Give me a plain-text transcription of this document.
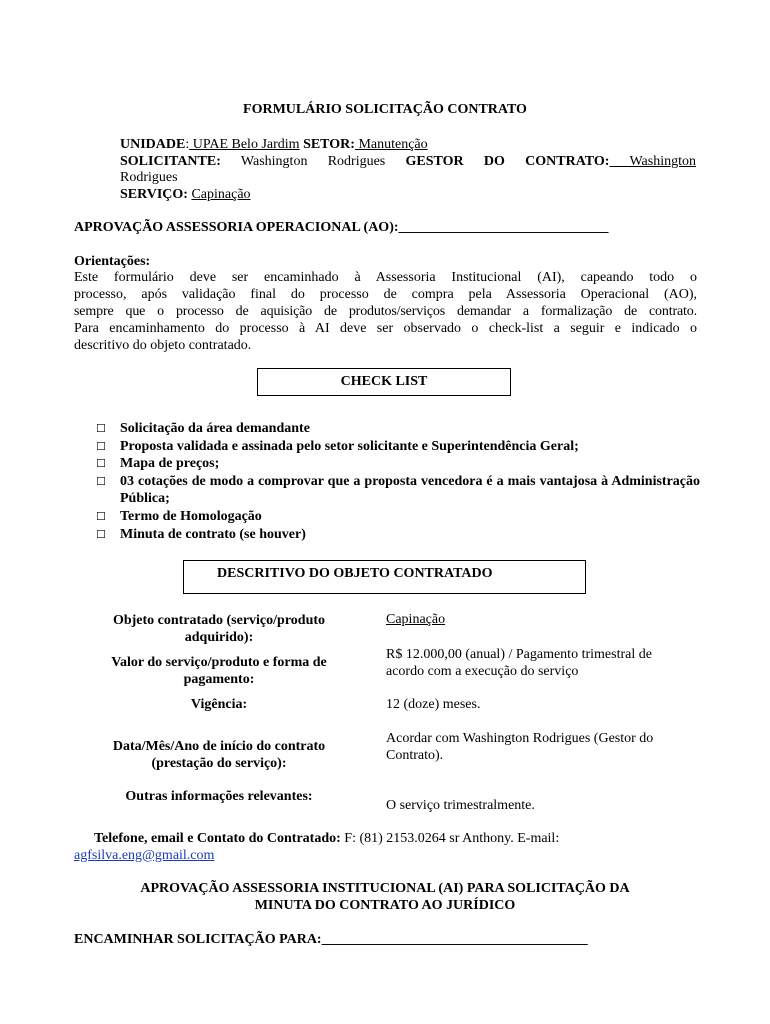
FORMULÁRIO SOLICITAÇÃO CONTRATO
UNIDADE: UPAE Belo Jardim SETOR: Manutenção
SOLICITANTE: Washington Rodrigues GESTOR DO CONTRATO: Washington
Rodrigues
SERVIÇO: Capinação
APROVAÇÃO ASSESSORIA OPERACIONAL (AO):______________________________
Orientações:
Este formulário deve ser encaminhado à Assessoria Institucional (AI), capeando todo o
processo, após validação final do processo de compra pela Assessoria Operacional (AO),
sempre que o processo de aquisição de produtos/serviços demandar a formalização de contrato.
Para encaminhamento do processo à AI deve ser observado o check-list a seguir e indicado o
descritivo do objeto contratado.
CHECK LIST
☐	Solicitação da área demandante
☐	Proposta validada e assinada pelo setor solicitante e Superintendência Geral;
☐	Mapa de preços;
☐	03 cotações de modo a comprovar que a proposta vencedora é a mais vantajosa à Administração Pública;
☐	Termo de Homologação
☐	Minuta de contrato (se houver)
DESCRITIVO DO OBJETO CONTRATADO
Objeto contratado (serviço/produto adquirido):
Capinação
Valor do serviço/produto e forma de pagamento:
R$ 12.000,00 (anual) / Pagamento trimestral de acordo com a execução do serviço
Vigência:	12 (doze) meses.
Data/Mês/Ano de início do contrato (prestação do serviço):
Acordar com Washington Rodrigues (Gestor do Contrato).
Outras informações relevantes:
O serviço trimestralmente.
Telefone, email e Contato do Contratado: F: (81) 2153.0264 sr Anthony. E-mail:
agfsilva.eng@gmail.com
APROVAÇÃO ASSESSORIA INSTITUCIONAL (AI) PARA SOLICITAÇÃO DA
MINUTA DO CONTRATO AO JURÍDICO
ENCAMINHAR SOLICITAÇÃO PARA:______________________________________
